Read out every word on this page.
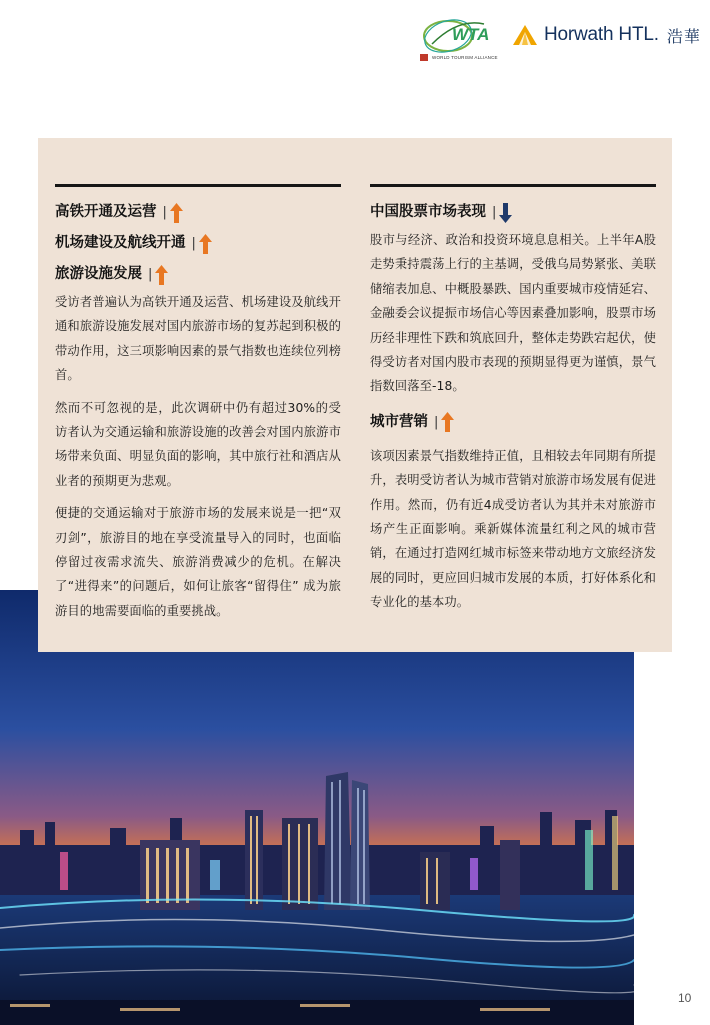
WTA
WORLD TOURISM ALLIANCE
Horwath HTL. 浩華
高铁开通及运营 |
机场建设及航线开通 |
旅游设施发展 |

受访者普遍认为高铁开通及运营、机场建设及航线开通和旅游设施发展对国内旅游市场的复苏起到积极的带动作用，这三项影响因素的景气指数也连续位列榜首。

然而不可忽视的是，此次调研中仍有超过30%的受访者认为交通运输和旅游设施的改善会对国内旅游市场带来负面、明显负面的影响，其中旅行社和酒店从业者的预期更为悲观。

便捷的交通运输对于旅游市场的发展来说是一把“双刃剑”，旅游目的地在享受流量导入的同时，也面临停留过夜需求流失、旅游消费减少的危机。在解决了“进得来”的问题后，如何让旅客“留得住” 成为旅游目的地需要面临的重要挑战。

中国股票市场表现 |

股市与经济、政治和投资环境息息相关。上半年A股走势秉持震荡上行的主基调，受俄乌局势紧张、美联储缩表加息、中概股暴跌、国内重要城市疫情延宕、金融委会议提振市场信心等因素叠加影响，股票市场历经非理性下跌和筑底回升，整体走势跌宕起伏，使得受访者对国内股市表现的预期显得更为谨慎，景气指数回落至-18。

城市营销 |

该项因素景气指数维持正值，且相较去年同期有所提升，表明受访者认为城市营销对旅游市场发展有促进作用。然而，仍有近4成受访者认为其并未对旅游市场产生正面影响。乘新媒体流量红利之风的城市营销，在通过打造网红城市标签来带动地方文旅经济发展的同时，更应回归城市发展的本质，打好体系化和专业化的基本功。

10
